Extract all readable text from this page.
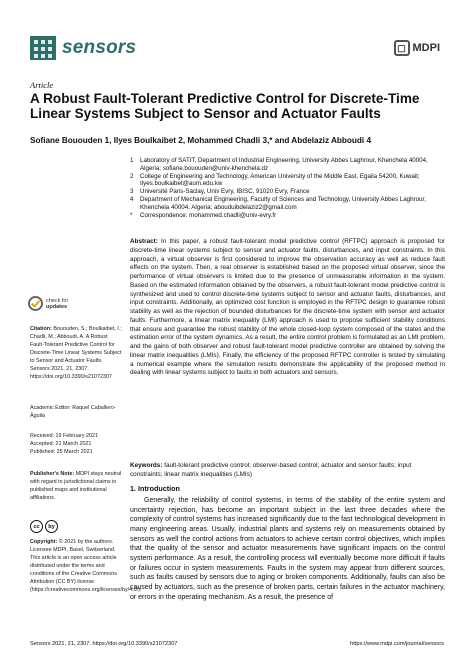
sensors	▢ MDPI
Article
A Robust Fault-Tolerant Predictive Control for Discrete-Time Linear Systems Subject to Sensor and Actuator Faults
Sofiane Bououden 1, Ilyes Boulkaibet 2, Mohammed Chadli 3,* and Abdelaziz Abboudi 4
1	Laboratory of SATIT, Department of Industrial Engineering, University Abbes Laghrour, Khenchela 40004, Algeria; sofiane.bououden@univ-khenchela.dz
2	College of Engineering and Technology, American University of the Middle East, Egaila 54200, Kuwait; Ilyes.boulkaibet@aum.edu.kw
3	Université Paris-Saclay, Univ Evry, IBISC, 91020 Evry, France
4	Department of Mechanical Engineering, Faculty of Sciences and Technology, University Abbes Laghrour, Khenchela 40004, Algeria; abouduibdelaziz2@gmail.com
*	Correspondence: mohammed.chadli@univ-evry.fr
Abstract: In this paper, a robust fault-tolerant model predictive control (RFTPC) approach is proposed for discrete-time linear systems subject to sensor and actuator faults, disturbances, and input constraints. In this approach, a virtual observer is first considered to improve the observation accuracy as well as reduce fault effects on the system. Then, a real observer is established based on the proposed virtual observer, since the performance of virtual observers is limited due to the presence of unmeasurable information in the system. Based on the estimated information obtained by the observers, a robust fault-tolerant model predictive control is synthesized and used to control discrete-time systems subject to sensor and actuator faults, disturbances, and input constraints. Additionally, an optimized cost function is employed in the RFTPC design to guarantee robust stability as well as the rejection of bounded disturbances for the discrete-time system with sensor and actuator faults. Furthermore, a linear matrix inequality (LMI) approach is used to propose sufficient stability conditions that ensure and guarantee the robust stability of the whole closed-loop system composed of the states and the estimation error of the system dynamics. As a result, the entire control problem is formulated as an LMI problem, and the gains of both observer and robust fault-tolerant model predictive controller are obtained by solving the linear matrix inequalities (LMIs). Finally, the efficiency of the proposed RFTPC controller is tested by simulating a numerical example where the simulation results demonstrate the applicability of the proposed method in dealing with linear systems subject to faults in both actuators and sensors.
Keywords: fault-tolerant predictive control; observer-based control; actuator and sensor faults; input constraints; linear matrix inequalities (LMIs)
1. Introduction
Generally, the reliability of control systems, in terms of the stability of the entire system and uncertainty rejection, has become an important subject in the last three decades where the complexity of control systems has increased significantly due to the fast technological development in many engineering areas. Usually, industrial plants and systems rely on measurements obtained by sensors as well the control actions from actuators to achieve certain control objectives, which implies that the quality of the sensor and actuator measurements have significant impacts on the control system performance. As a result, the controlling process will eventually become more difficult if faults or failures occur in system measurements. Faults in the system may appear from different sources, such as faults caused by sensors due to aging or broken components. Additionally, faults can also be caused by actuators, such as the presence of broken parts, certain failures in the actuator machinery, or errors in the operating mechanism. As a result, the presence of
check for
updates
Citation: Bououden, S.; Boulkaibet, I.; Chadli, M.; Abboudi, A. A Robust Fault-Tolerant Predictive Control for Discrete-Time Linear Systems Subject to Sensor and Actuator Faults. Sensors 2021, 21, 2307. https://doi.org/10.3390/s21072307
Academic Editor: Raquel Caballero-Águila
Received: 19 February 2021
Accepted: 21 March 2021
Published: 25 March 2021
Publisher's Note: MDPI stays neutral with regard to jurisdictional claims in published maps and institutional affiliations.
cc	by
Copyright: © 2021 by the authors. Licensee MDPI, Basel, Switzerland. This article is an open access article distributed under the terms and conditions of the Creative Commons Attribution (CC BY) license (https://creativecommons.org/licenses/by/4.0/).
Sensors 2021, 21, 2307. https://doi.org/10.3390/s21072307	https://www.mdpi.com/journal/sensors
